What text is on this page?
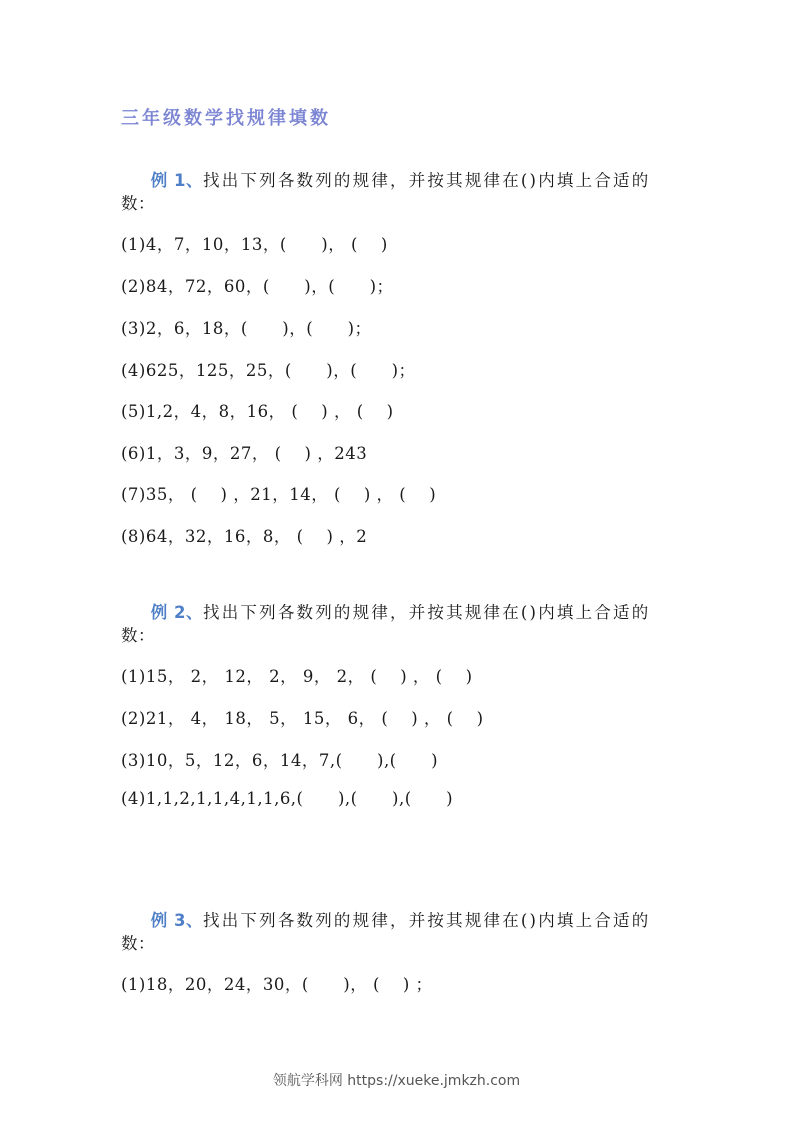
三年级数学找规律填数

例 1、找出下列各数列的规律，并按其规律在()内填上合适的

数：
(1)4，7，10，13，(      )， (    )
(2)84，72，60，(      )，(      )；
(3)2，6，18，(      )，(      )；
(4)625，125，25，(      )，(      )；
(5)1,2，4，8，16， (    ) ， (    )
(6)1，3，9，27， (    ) ，243
(7)35， (    ) ，21，14， (    ) ， (    )
(8)64，32，16，8， (    ) ，2

例 2、找出下列各数列的规律，并按其规律在()内填上合适的

数：
(1)15， 2， 12， 2， 9， 2， (    ) ， (    )
(2)21， 4， 18， 5， 15， 6， (    ) ， (    )
(3)10，5，12，6，14，7,(      ),(      )
(4)1,1,2,1,1,4,1,1,6,(      ),(      ),(      )

例 3、找出下列各数列的规律，并按其规律在()内填上合适的

数：
(1)18，20，24，30，(      )， (    ) ；
领航学科网 https://xueke.jmkzh.com
